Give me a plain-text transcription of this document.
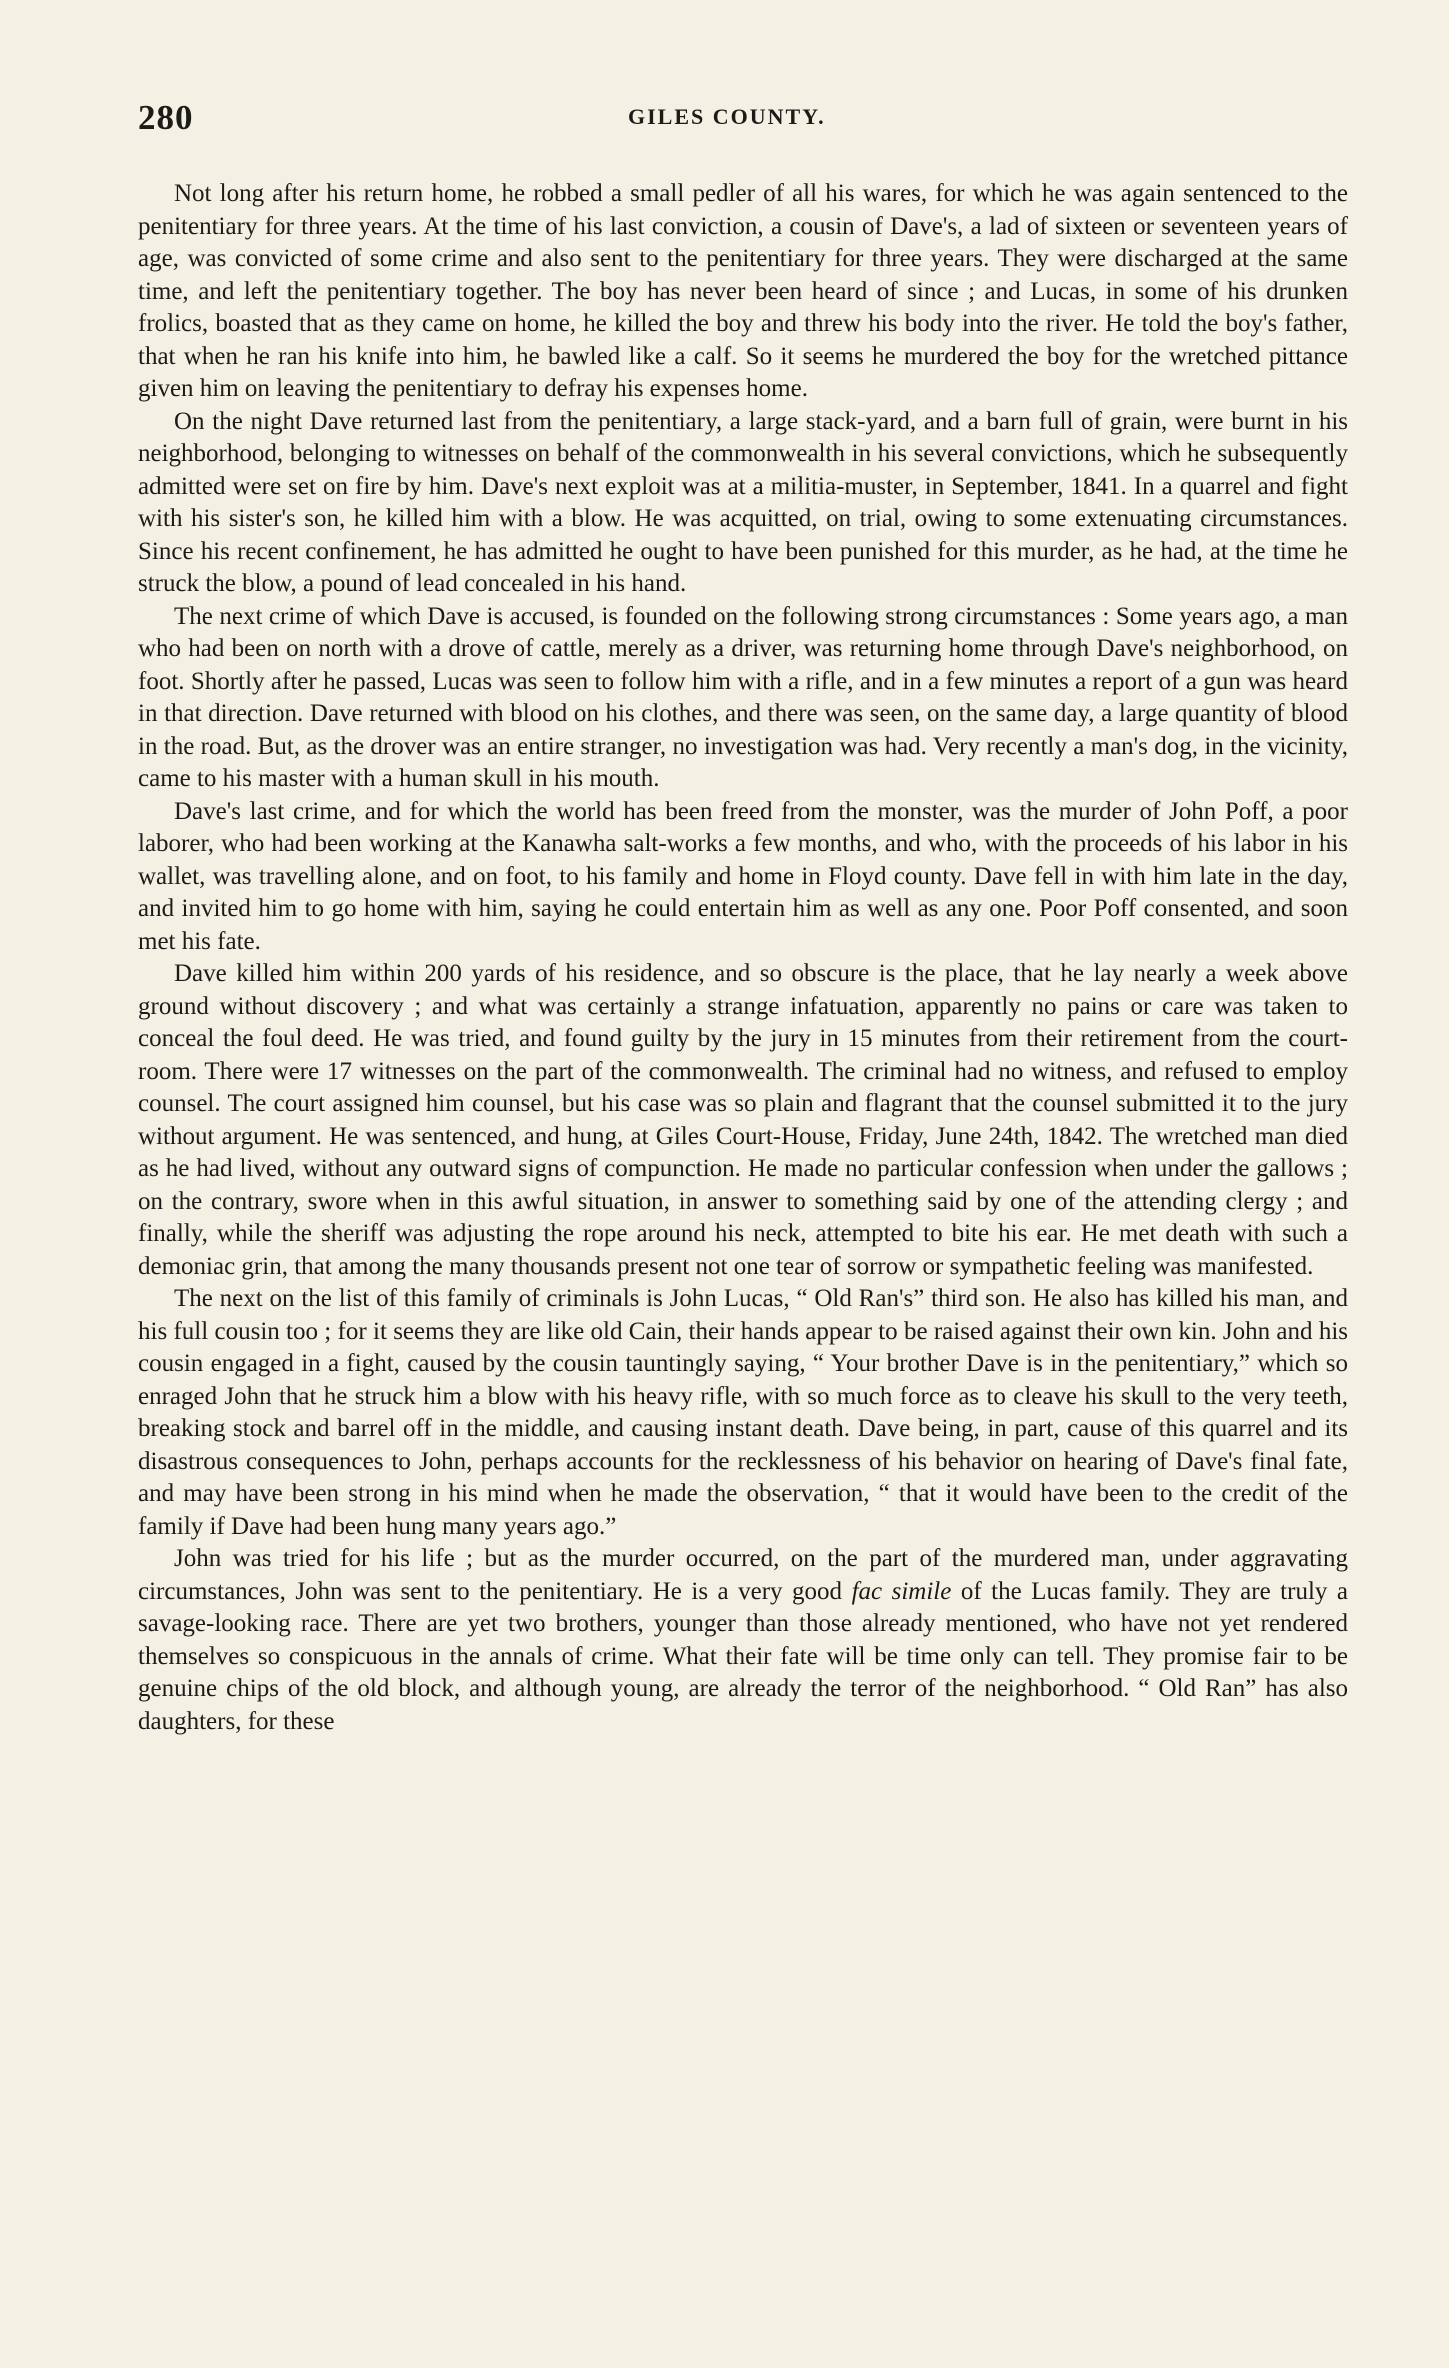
280	GILES COUNTY.

Not long after his return home, he robbed a small pedler of all his wares, for which he was again sentenced to the penitentiary for three years. At the time of his last conviction, a cousin of Dave's, a lad of sixteen or seventeen years of age, was convicted of some crime and also sent to the penitentiary for three years. They were discharged at the same time, and left the penitentiary together. The boy has never been heard of since ; and Lucas, in some of his drunken frolics, boasted that as they came on home, he killed the boy and threw his body into the river. He told the boy's father, that when he ran his knife into him, he bawled like a calf. So it seems he murdered the boy for the wretched pittance given him on leaving the penitentiary to defray his expenses home.

On the night Dave returned last from the penitentiary, a large stack-yard, and a barn full of grain, were burnt in his neighborhood, belonging to witnesses on behalf of the commonwealth in his several convictions, which he subsequently admitted were set on fire by him. Dave's next exploit was at a militia-muster, in September, 1841. In a quarrel and fight with his sister's son, he killed him with a blow. He was acquitted, on trial, owing to some extenuating circumstances. Since his recent confinement, he has admitted he ought to have been punished for this murder, as he had, at the time he struck the blow, a pound of lead concealed in his hand.

The next crime of which Dave is accused, is founded on the following strong circumstances : Some years ago, a man who had been on north with a drove of cattle, merely as a driver, was returning home through Dave's neighborhood, on foot. Shortly after he passed, Lucas was seen to follow him with a rifle, and in a few minutes a report of a gun was heard in that direction. Dave returned with blood on his clothes, and there was seen, on the same day, a large quantity of blood in the road. But, as the drover was an entire stranger, no investigation was had. Very recently a man's dog, in the vicinity, came to his master with a human skull in his mouth.

Dave's last crime, and for which the world has been freed from the monster, was the murder of John Poff, a poor laborer, who had been working at the Kanawha salt-works a few months, and who, with the proceeds of his labor in his wallet, was travelling alone, and on foot, to his family and home in Floyd county. Dave fell in with him late in the day, and invited him to go home with him, saying he could entertain him as well as any one. Poor Poff consented, and soon met his fate.

Dave killed him within 200 yards of his residence, and so obscure is the place, that he lay nearly a week above ground without discovery ; and what was certainly a strange infatuation, apparently no pains or care was taken to conceal the foul deed. He was tried, and found guilty by the jury in 15 minutes from their retirement from the court-room. There were 17 witnesses on the part of the commonwealth. The criminal had no witness, and refused to employ counsel. The court assigned him counsel, but his case was so plain and flagrant that the counsel submitted it to the jury without argument. He was sentenced, and hung, at Giles Court-House, Friday, June 24th, 1842. The wretched man died as he had lived, without any outward signs of compunction. He made no particular confession when under the gallows ; on the contrary, swore when in this awful situation, in answer to something said by one of the attending clergy ; and finally, while the sheriff was adjusting the rope around his neck, attempted to bite his ear. He met death with such a demoniac grin, that among the many thousands present not one tear of sorrow or sympathetic feeling was manifested.

The next on the list of this family of criminals is John Lucas, “ Old Ran's” third son. He also has killed his man, and his full cousin too ; for it seems they are like old Cain, their hands appear to be raised against their own kin. John and his cousin engaged in a fight, caused by the cousin tauntingly saying, “ Your brother Dave is in the penitentiary,” which so enraged John that he struck him a blow with his heavy rifle, with so much force as to cleave his skull to the very teeth, breaking stock and barrel off in the middle, and causing instant death. Dave being, in part, cause of this quarrel and its disastrous consequences to John, perhaps accounts for the recklessness of his behavior on hearing of Dave's final fate, and may have been strong in his mind when he made the observation, “ that it would have been to the credit of the family if Dave had been hung many years ago.”

John was tried for his life ; but as the murder occurred, on the part of the murdered man, under aggravating circumstances, John was sent to the penitentiary. He is a very good fac simile of the Lucas family. They are truly a savage-looking race. There are yet two brothers, younger than those already mentioned, who have not yet rendered themselves so conspicuous in the annals of crime. What their fate will be time only can tell. They promise fair to be genuine chips of the old block, and although young, are already the terror of the neighborhood. “ Old Ran” has also daughters, for these
